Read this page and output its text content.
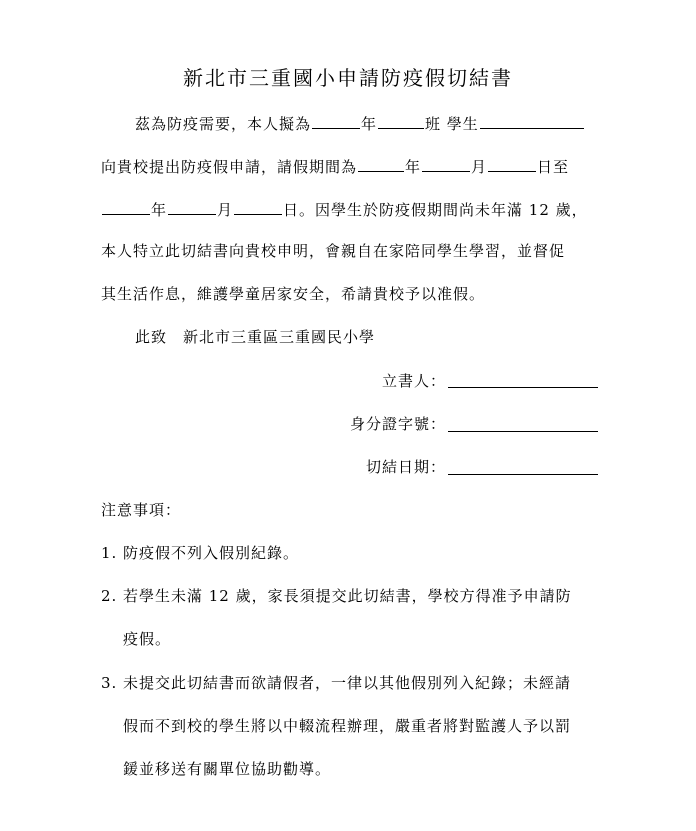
新北市三重國小申請防疫假切結書
茲為防疫需要，本人擬為	年	班 學生
向貴校提出防疫假申請，請假期間為	年	月	日至
年	月	日。因學生於防疫假期間尚未年滿 12 歲，
本人特立此切結書向貴校申明，會親自在家陪同學生學習，並督促
其生活作息，維護學童居家安全，希請貴校予以准假。
此致　新北市三重區三重國民小學
立書人：
身分證字號：
切結日期：
注意事項：
1. 防疫假不列入假別紀錄。
2. 若學生未滿 12 歲，家長須提交此切結書，學校方得准予申請防
疫假。
3. 未提交此切結書而欲請假者，一律以其他假別列入紀錄；未經請
假而不到校的學生將以中輟流程辦理，嚴重者將對監護人予以罰
鍰並移送有關單位協助勸導。
